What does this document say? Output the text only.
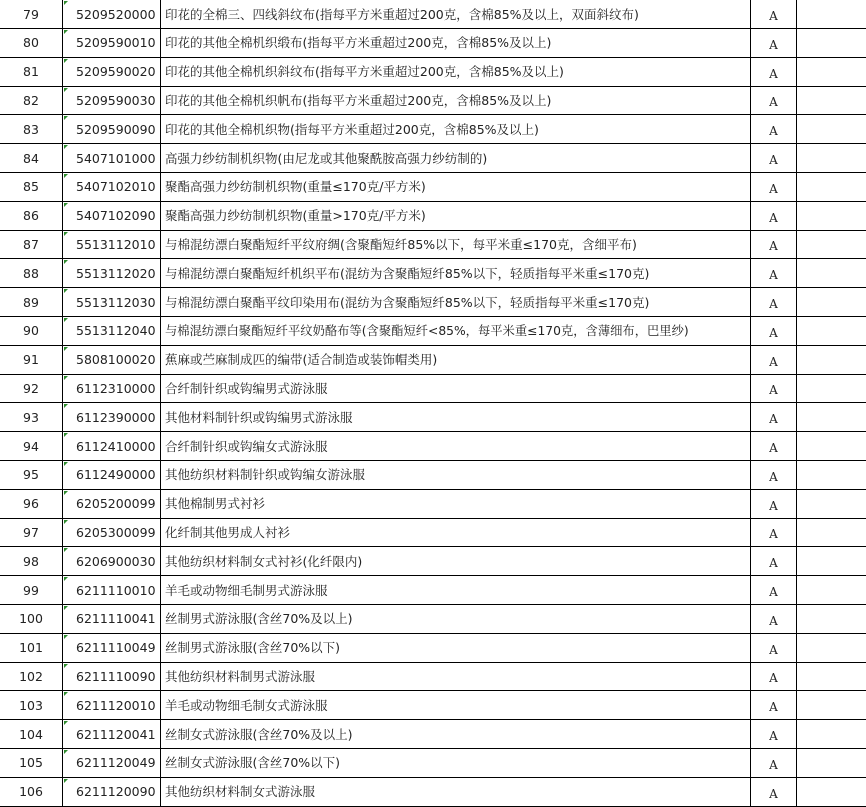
79	5209520000 印花的全棉三、四线斜纹布(指每平方米重超过200克，含棉85%及以上，双面斜纹布)	A
80	5209590010 印花的其他全棉机织缎布(指每平方米重超过200克，含棉85%及以上)	A
81	5209590020 印花的其他全棉机织斜纹布(指每平方米重超过200克，含棉85%及以上)	A
82	5209590030 印花的其他全棉机织帆布(指每平方米重超过200克，含棉85%及以上)	A
83	5209590090 印花的其他全棉机织物(指每平方米重超过200克，含棉85%及以上)	A
84	5407101000 高强力纱纺制机织物(由尼龙或其他聚酰胺高强力纱纺制的)	A
85	5407102010 聚酯高强力纱纺制机织物(重量≤170克/平方米)	A
86	5407102090 聚酯高强力纱纺制机织物(重量>170克/平方米)	A
87	5513112010 与棉混纺漂白聚酯短纤平纹府绸(含聚酯短纤85%以下，每平米重≤170克，含细平布)	A
88	5513112020 与棉混纺漂白聚酯短纤机织平布(混纺为含聚酯短纤85%以下，轻质指每平米重≤170克)	A
89	5513112030 与棉混纺漂白聚酯平纹印染用布(混纺为含聚酯短纤85%以下，轻质指每平米重≤170克)	A
90	5513112040 与棉混纺漂白聚酯短纤平纹奶酪布等(含聚酯短纤<85%，每平米重≤170克，含薄细布，巴里纱)	A
91	5808100020 蕉麻或苎麻制成匹的编带(适合制造或装饰帽类用)	A
92	6112310000 合纤制针织或钩编男式游泳服	A
93	6112390000 其他材料制针织或钩编男式游泳服	A
94	6112410000 合纤制针织或钩编女式游泳服	A
95	6112490000 其他纺织材料制针织或钩编女游泳服	A
96	6205200099 其他棉制男式衬衫	A
97	6205300099 化纤制其他男成人衬衫	A
98	6206900030 其他纺织材料制女式衬衫(化纤限内)	A
99	6211110010 羊毛或动物细毛制男式游泳服	A
100	6211110041 丝制男式游泳服(含丝70%及以上)	A
101	6211110049 丝制男式游泳服(含丝70%以下)	A
102	6211110090 其他纺织材料制男式游泳服	A
103	6211120010 羊毛或动物细毛制女式游泳服	A
104	6211120041 丝制女式游泳服(含丝70%及以上)	A
105	6211120049 丝制女式游泳服(含丝70%以下)	A
106	6211120090 其他纺织材料制女式游泳服	A
